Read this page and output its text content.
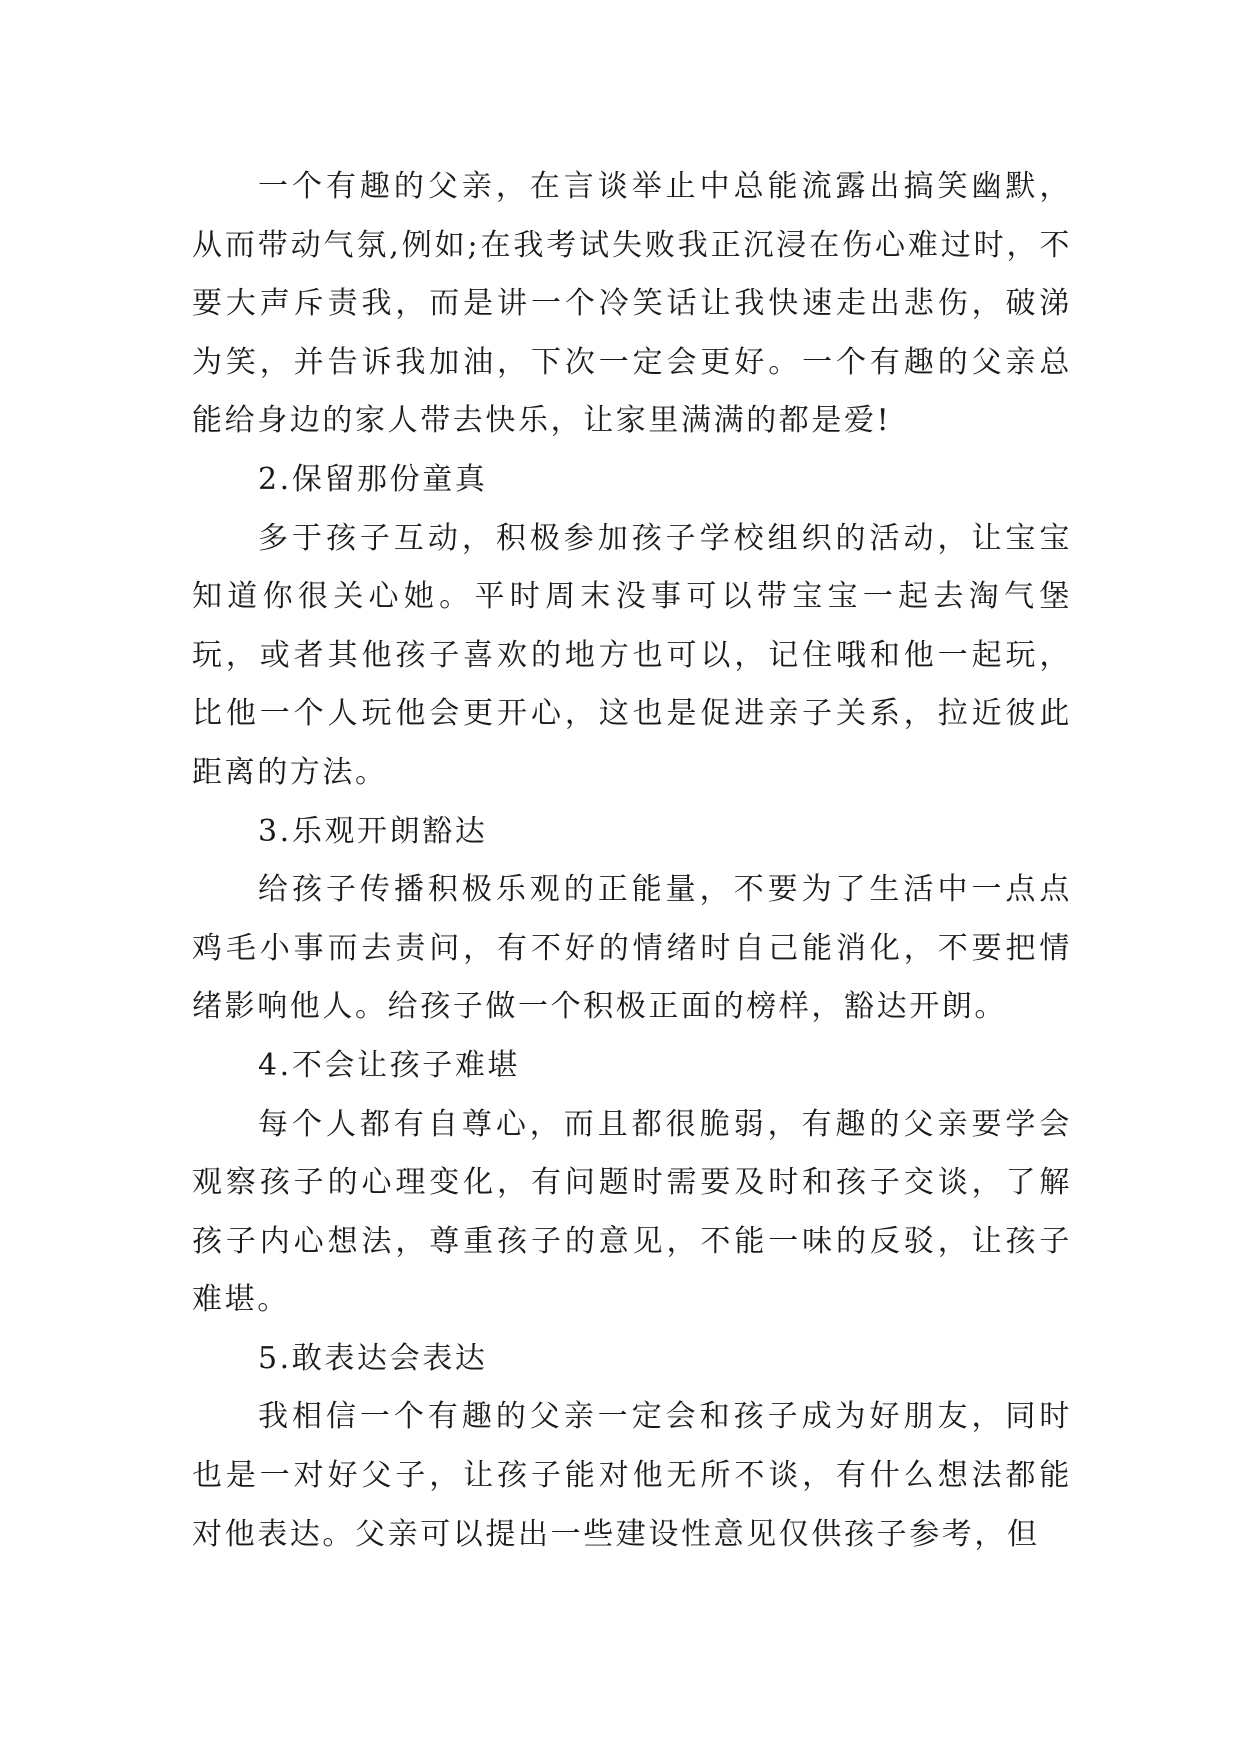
一个有趣的父亲，在言谈举止中总能流露出搞笑幽默，从而带动气氛,例如;在我考试失败我正沉浸在伤心难过时，不要大声斥责我，而是讲一个冷笑话让我快速走出悲伤，破涕为笑，并告诉我加油，下次一定会更好。一个有趣的父亲总能给身边的家人带去快乐，让家里满满的都是爱!

2.保留那份童真

多于孩子互动，积极参加孩子学校组织的活动，让宝宝知道你很关心她。平时周末没事可以带宝宝一起去淘气堡玩，或者其他孩子喜欢的地方也可以，记住哦和他一起玩，比他一个人玩他会更开心，这也是促进亲子关系，拉近彼此距离的方法。

3.乐观开朗豁达

给孩子传播积极乐观的正能量，不要为了生活中一点点鸡毛小事而去责问，有不好的情绪时自己能消化，不要把情绪影响他人。给孩子做一个积极正面的榜样，豁达开朗。

4.不会让孩子难堪

每个人都有自尊心，而且都很脆弱，有趣的父亲要学会观察孩子的心理变化，有问题时需要及时和孩子交谈，了解孩子内心想法，尊重孩子的意见，不能一味的反驳，让孩子难堪。

5.敢表达会表达

我相信一个有趣的父亲一定会和孩子成为好朋友，同时也是一对好父子，让孩子能对他无所不谈，有什么想法都能对他表达。父亲可以提出一些建设性意见仅供孩子参考，但
